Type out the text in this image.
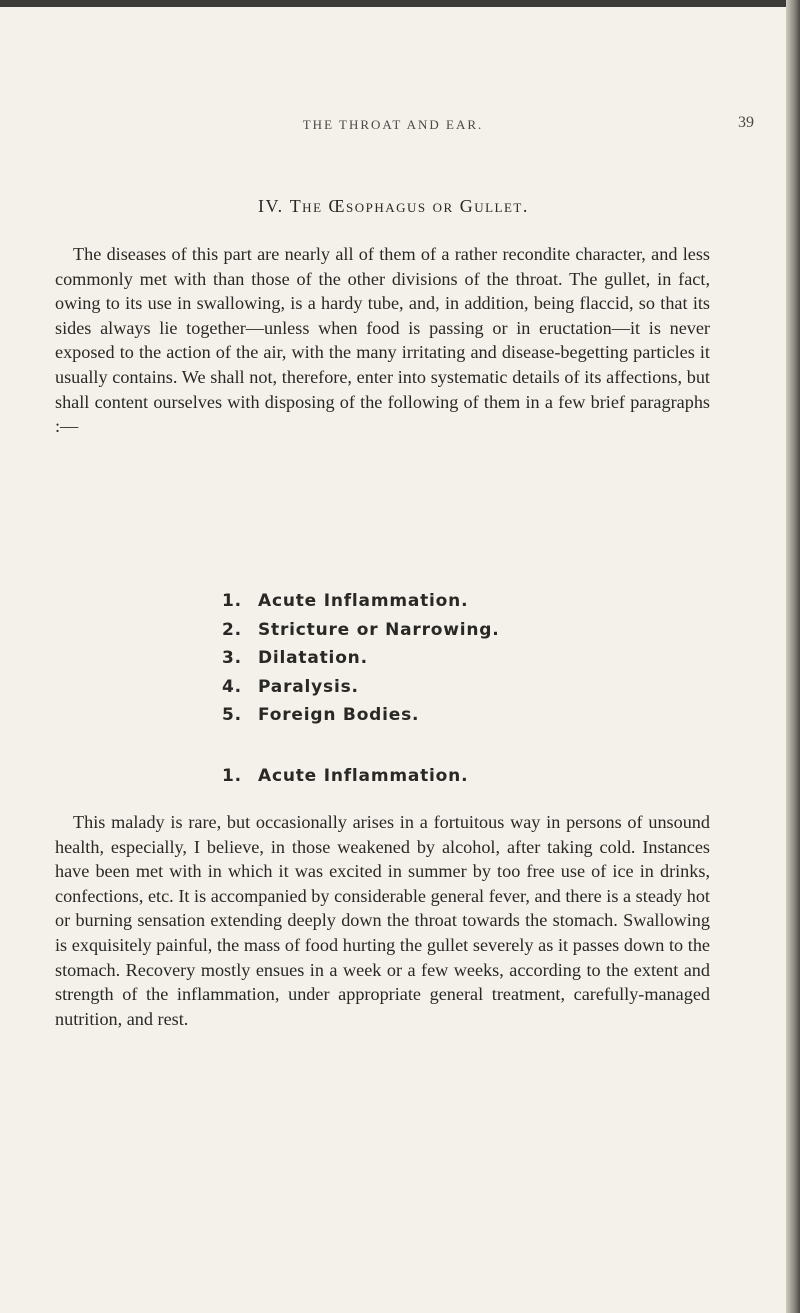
THE THROAT AND EAR.	39
IV. The Œsophagus or Gullet.

The diseases of this part are nearly all of them of a rather recondite character, and less commonly met with than those of the other divisions of the throat. The gullet, in fact, owing to its use in swallowing, is a hardy tube, and, in addition, being flaccid, so that its sides always lie together—unless when food is passing or in eructation—it is never exposed to the action of the air, with the many irritating and disease-begetting particles it usually contains. We shall not, therefore, enter into systematic details of its affections, but shall content ourselves with disposing of the following of them in a few brief paragraphs :—

1. Acute Inflammation.
2. Stricture or Narrowing.
3. Dilatation.
4. Paralysis.
5. Foreign Bodies.
1. Acute Inflammation.

This malady is rare, but occasionally arises in a fortuitous way in persons of unsound health, especially, I believe, in those weakened by alcohol, after taking cold. Instances have been met with in which it was excited in summer by too free use of ice in drinks, confections, etc. It is accompanied by considerable general fever, and there is a steady hot or burning sensation extending deeply down the throat towards the stomach. Swallowing is exquisitely painful, the mass of food hurting the gullet severely as it passes down to the stomach. Recovery mostly ensues in a week or a few weeks, according to the extent and strength of the inflammation, under appropriate general treatment, carefully-managed nutrition, and rest.
